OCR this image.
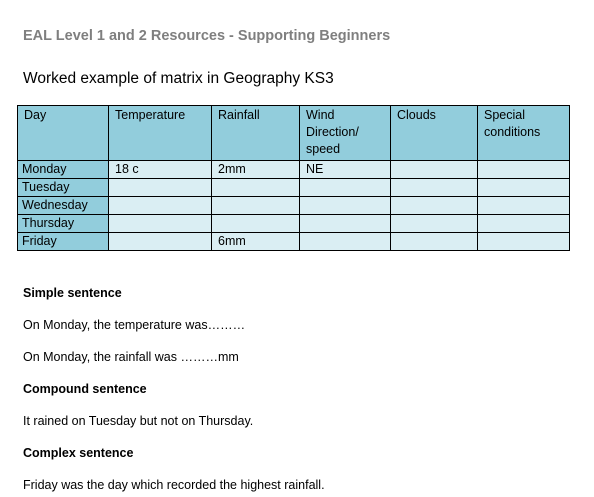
EAL Level 1 and 2 Resources - Supporting Beginners
Worked example of matrix in Geography KS3
Day	Temperature	Rainfall	Wind Direction/ speed	Clouds	Special conditions
Monday	18 c	2mm	NE		
Tuesday					
Wednesday					
Thursday					
Friday		6mm			
Simple sentence
On Monday, the temperature was………
On Monday, the rainfall was ………mm
Compound sentence
It rained on Tuesday but not on Thursday.
Complex sentence
Friday was the day which recorded the highest rainfall.
